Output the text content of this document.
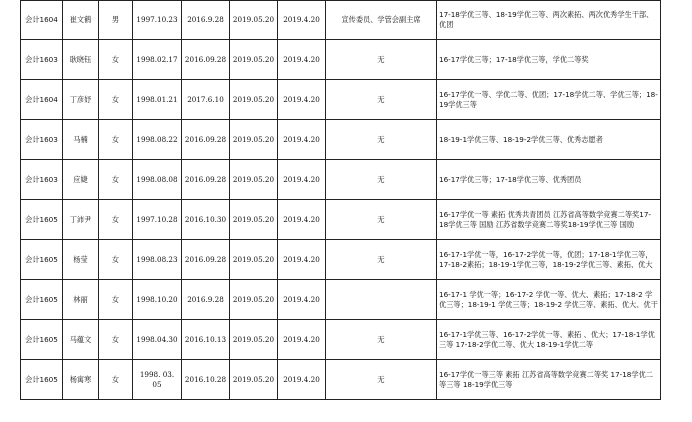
会计1604	崔文鹤	男	1997.10.23	2016.9.28	2019.05.20	2019.4.20	宣传委员、学管会副主席	17-18学优三等、18-19学优三等、两次素拓、两次优秀学生干部、优团
会计1603	耿晓钰	女	1998.02.17	2016.09.28	2019.05.20	2019.4.20	无	16-17学优三等；17-18学优三等，学优二等奖
会计1604	丁彦妤	女	1998.01.21	2017.6.10	2019.05.20	2019.4.20	无	16-17学优一等、学优二等、优团；17-18学优二等、学优三等；18-19学优三等
会计1603	马楠	女	1998.08.22	2016.09.28	2019.05.20	2019.4.20	无	18-19-1学优三等、18-19-2学优三等、优秀志愿者
会计1603	应婕	女	1998.08.08	2016.09.28	2019.05.20	2019.4.20	无	16-17学优三等；17-18学优三等、优秀团员
会计1605	丁沛尹	女	1997.10.28	2016.10.30	2019.05.20	2019.4.20	无	16-17学优一等 素拓 优秀共青团员 江苏省高等数学竞赛二等奖17-18学优三等 国励 江苏省数学竞赛二等奖18-19学优三等 国励
会计1605	杨莹	女	1998.08.23	2016.09.28	2019.05.20	2019.4.20	无	16-17-1学优一等，16-17-2学优一等，优团；17-18-1学优三等，17-18-2素拓；18-19-1学优三等，18-19-2学优三等、素拓、优大
会计1605	林丽	女	1998.10.20	2016.9.28	2019.05.20	2019.4.20		16-17-1 学优一等；16-17-2 学优一等、优大、素拓；17-18-2 学优三等；18-19-1 学优三等；18-19-2 学优三等、素拓、优大、优干
会计1605	马蕴文	女	1998.04.30	2016.10.13	2019.05.20	2019.4.20	无	16-17-1学优三等、16-17-2学优一等、素拓 、优大；17-18-1学优三等 17-18-2学优二等、优大 18-19-1学优二等
会计1605	杨寓寒	女	1998. 03. 05	2016.10.28	2019.05.20	2019.4.20	无	16-17学优一等三等 素拓 江苏省高等数学竞赛二等奖 17-18学优二等三等 18-19学优三等
